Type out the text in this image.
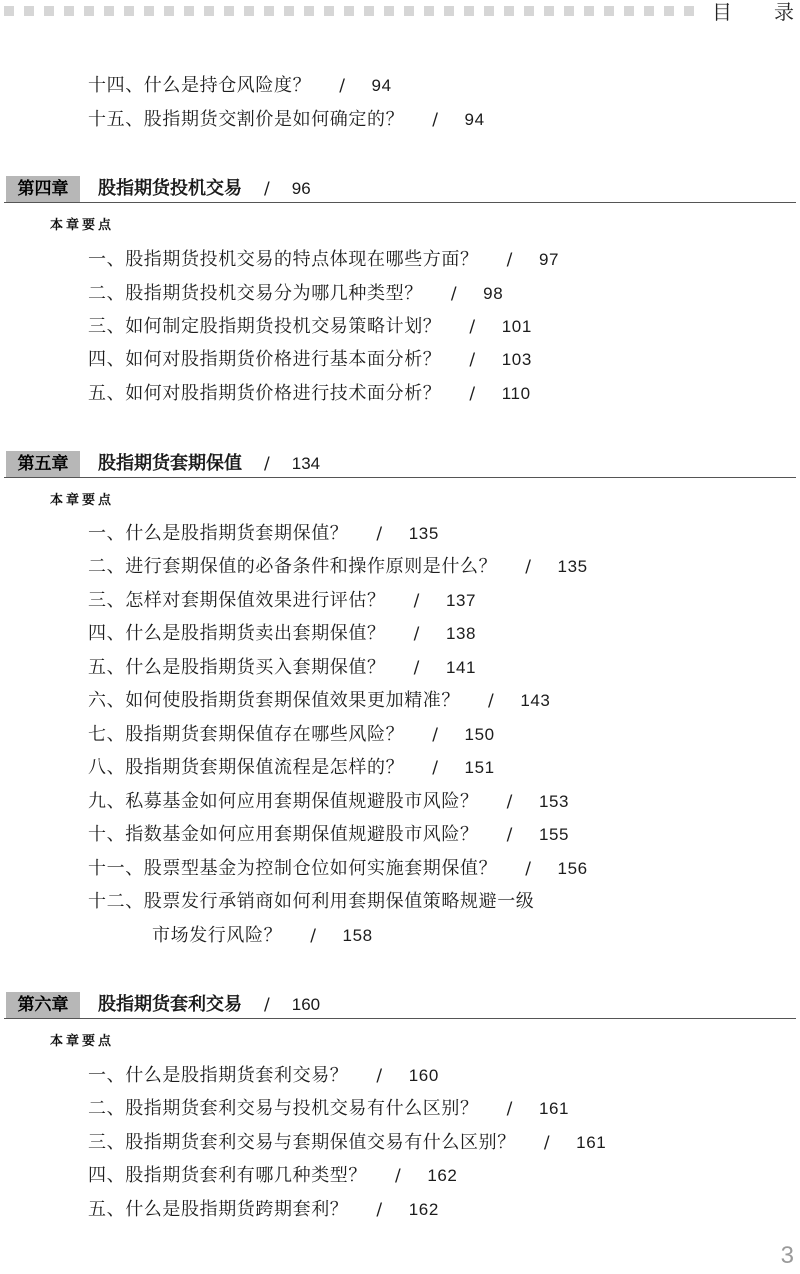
目 录
十四、什么是持仓风险度？ / 94
十五、股指期货交割价是如何确定的？ / 94
第四章	股指期货投机交易 / 96
本章要点
一、股指期货投机交易的特点体现在哪些方面？ / 97
二、股指期货投机交易分为哪几种类型？ / 98
三、如何制定股指期货投机交易策略计划？ / 101
四、如何对股指期货价格进行基本面分析？ / 103
五、如何对股指期货价格进行技术面分析？ / 110
第五章	股指期货套期保值 / 134
本章要点
一、什么是股指期货套期保值？ / 135
二、进行套期保值的必备条件和操作原则是什么？ / 135
三、怎样对套期保值效果进行评估？ / 137
四、什么是股指期货卖出套期保值？ / 138
五、什么是股指期货买入套期保值？ / 141
六、如何使股指期货套期保值效果更加精准？ / 143
七、股指期货套期保值存在哪些风险？ / 150
八、股指期货套期保值流程是怎样的？ / 151
九、私募基金如何应用套期保值规避股市风险？ / 153
十、指数基金如何应用套期保值规避股市风险？ / 155
十一、股票型基金为控制仓位如何实施套期保值？ / 156
十二、股票发行承销商如何利用套期保值策略规避一级
市场发行风险？ / 158
第六章	股指期货套利交易 / 160
本章要点
一、什么是股指期货套利交易？ / 160
二、股指期货套利交易与投机交易有什么区别？ / 161
三、股指期货套利交易与套期保值交易有什么区别？ / 161
四、股指期货套利有哪几种类型？ / 162
五、什么是股指期货跨期套利？ / 162
3
